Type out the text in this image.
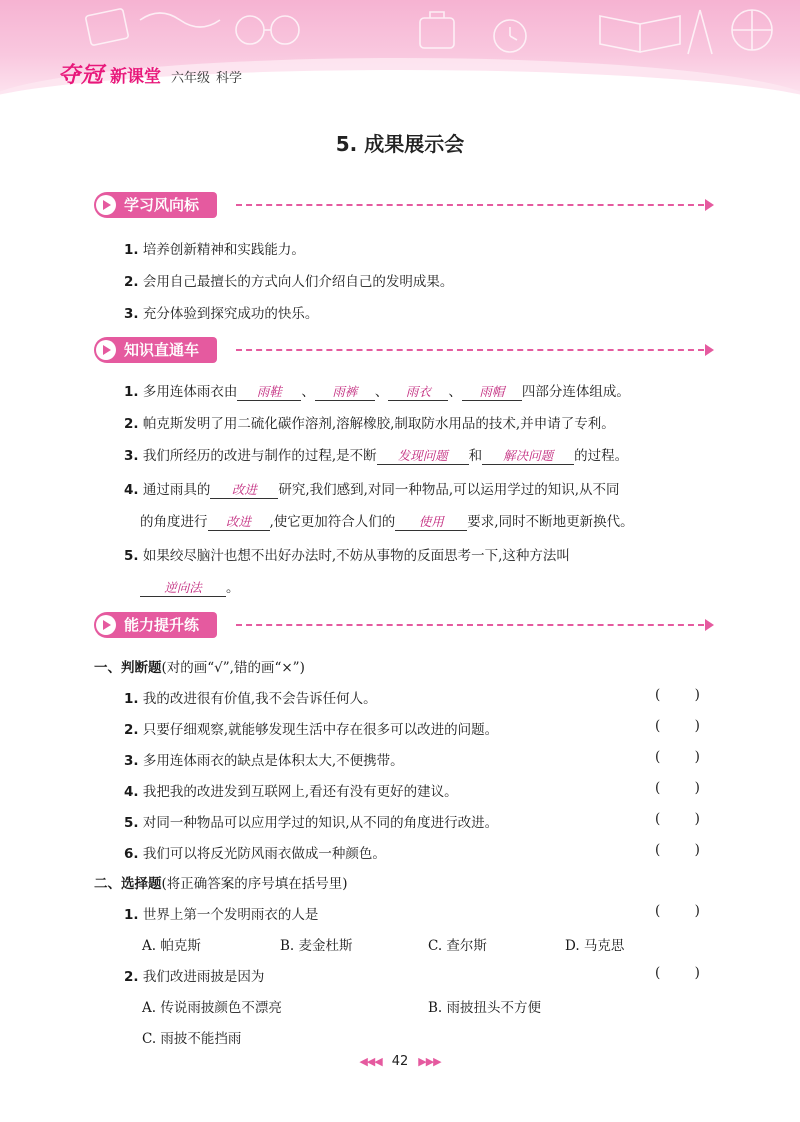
夺冠 新课堂 六年级 科学
5. 成果展示会
学习风向标
1. 培养创新精神和实践能力。
2. 会用自己最擅长的方式向人们介绍自己的发明成果。
3. 充分体验到探究成功的快乐。
知识直通车
1. 多用连体雨衣由 雨鞋 、 雨裤 、 雨衣 、 雨帽 四部分连体组成。
2. 帕克斯发明了用二硫化碳作溶剂,溶解橡胶,制取防水用品的技术,并申请了专利。
3. 我们所经历的改进与制作的过程,是不断 发现问题 和 解决问题 的过程。
4. 通过雨具的 改进 研究,我们感到,对同一种物品,可以运用学过的知识,从不同
的角度进行 改进 ,使它更加符合人们的 使用 要求,同时不断地更新换代。
5. 如果绞尽脑汁也想不出好办法时,不妨从事物的反面思考一下,这种方法叫
逆向法 。
能力提升练
一、判断题(对的画“√”,错的画“×”)
1. 我的改进很有价值,我不会告诉任何人。	(        )
2. 只要仔细观察,就能够发现生活中存在很多可以改进的问题。	(        )
3. 多用连体雨衣的缺点是体积太大,不便携带。	(        )
4. 我把我的改进发到互联网上,看还有没有更好的建议。	(        )
5. 对同一种物品可以应用学过的知识,从不同的角度进行改进。	(        )
6. 我们可以将反光防风雨衣做成一种颜色。	(        )
二、选择题(将正确答案的序号填在括号里)
1. 世界上第一个发明雨衣的人是	(        )
A. 帕克斯	B. 麦金杜斯	C. 查尔斯	D. 马克思
2. 我们改进雨披是因为	(        )
A. 传说雨披颜色不漂亮	B. 雨披扭头不方便
C. 雨披不能挡雨
◀◀◀ 42 ▶▶▶
